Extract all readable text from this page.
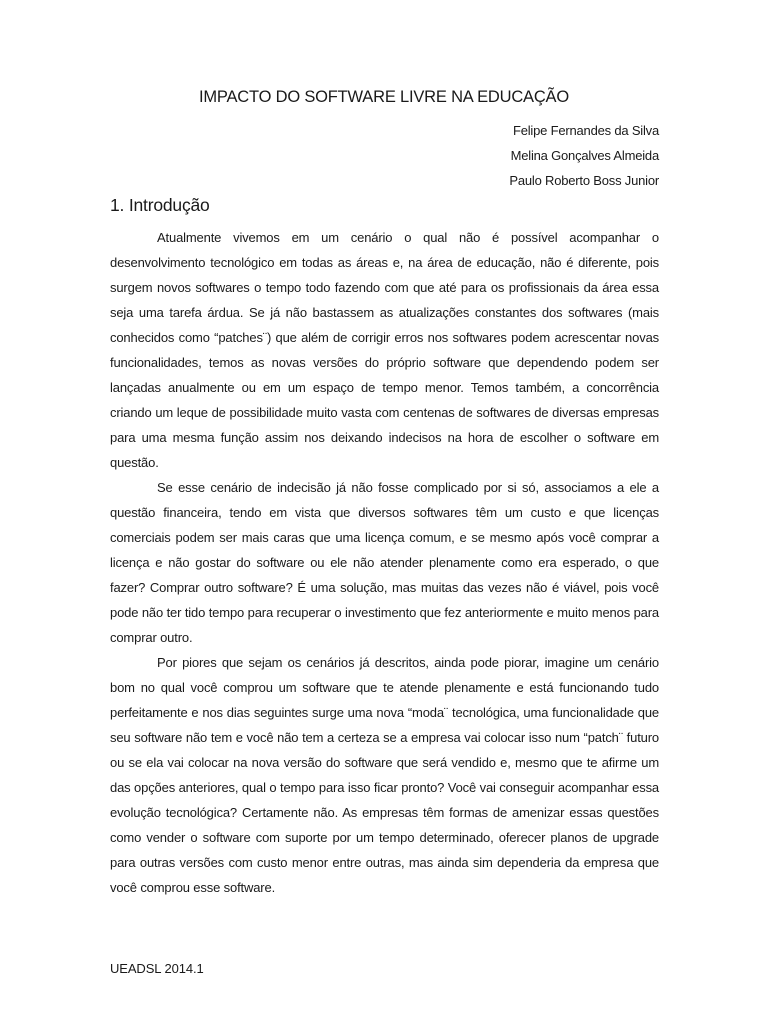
IMPACTO DO SOFTWARE LIVRE NA EDUCAÇÃO
Felipe Fernandes da Silva
Melina Gonçalves Almeida
Paulo Roberto Boss Junior
1. Introdução

Atualmente vivemos em um cenário o qual não é possível acompanhar o desenvolvimento tecnológico em todas as áreas e, na área de educação, não é diferente, pois surgem novos softwares o tempo todo fazendo com que até para os profissionais da área essa seja uma tarefa árdua. Se já não bastassem as atualizações constantes dos softwares (mais conhecidos como “patches¨) que além de corrigir erros nos softwares podem acrescentar novas funcionalidades, temos as novas versões do próprio software que dependendo podem ser lançadas anualmente ou em um espaço de tempo menor. Temos também, a concorrência criando um leque de possibilidade muito vasta com centenas de softwares de diversas empresas para uma mesma função assim nos deixando indecisos na hora de escolher o software em questão.

Se esse cenário de indecisão já não fosse complicado por si só, associamos a ele a questão financeira, tendo em vista que diversos softwares têm um custo e que licenças comerciais podem ser mais caras que uma licença comum, e se mesmo após você comprar a licença e não gostar do software ou ele não atender plenamente como era esperado, o que fazer? Comprar outro software? É uma solução, mas muitas das vezes não é viável, pois você pode não ter tido tempo para recuperar o investimento que fez anteriormente e muito menos para comprar outro.

Por piores que sejam os cenários já descritos, ainda pode piorar, imagine um cenário bom no qual você comprou um software que te atende plenamente e está funcionando tudo perfeitamente e nos dias seguintes surge uma nova “moda¨ tecnológica, uma funcionalidade que seu software não tem e você não tem a certeza se a empresa vai colocar isso num “patch¨ futuro ou se ela vai colocar na nova versão do software que será vendido e, mesmo que te afirme um das opções anteriores, qual o tempo para isso ficar pronto? Você vai conseguir acompanhar essa evolução tecnológica? Certamente não. As empresas têm formas de amenizar essas questões como vender o software com suporte por um tempo determinado, oferecer planos de upgrade para outras versões com custo menor entre outras, mas ainda sim dependeria da empresa que você comprou esse software.

UEADSL 2014.1
